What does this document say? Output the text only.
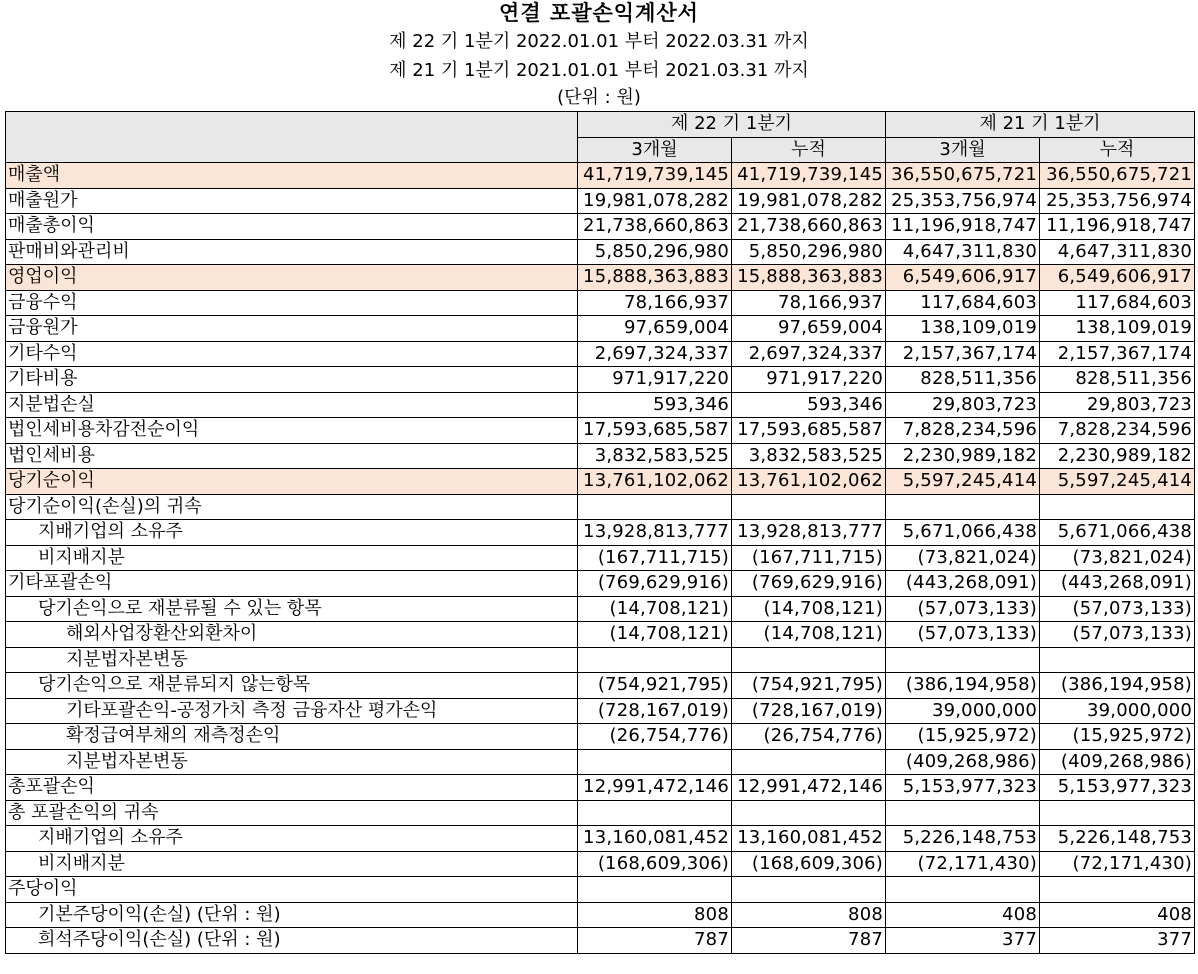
연결 포괄손익계산서
제 22 기 1분기 2022.01.01 부터 2022.03.31 까지
제 21 기 1분기 2021.01.01 부터 2021.03.31 까지
(단위 : 원)
	제 22 기 1분기		제 21 기 1분기	
	3개월	누적	3개월	누적
매출액	41,719,739,145	41,719,739,145	36,550,675,721	36,550,675,721
매출원가	19,981,078,282	19,981,078,282	25,353,756,974	25,353,756,974
매출총이익	21,738,660,863	21,738,660,863	11,196,918,747	11,196,918,747
판매비와관리비	5,850,296,980	5,850,296,980	4,647,311,830	4,647,311,830
영업이익	15,888,363,883	15,888,363,883	6,549,606,917	6,549,606,917
금융수익	78,166,937	78,166,937	117,684,603	117,684,603
금융원가	97,659,004	97,659,004	138,109,019	138,109,019
기타수익	2,697,324,337	2,697,324,337	2,157,367,174	2,157,367,174
기타비용	971,917,220	971,917,220	828,511,356	828,511,356
지분법손실	593,346	593,346	29,803,723	29,803,723
법인세비용차감전순이익	17,593,685,587	17,593,685,587	7,828,234,596	7,828,234,596
법인세비용	3,832,583,525	3,832,583,525	2,230,989,182	2,230,989,182
당기순이익	13,761,102,062	13,761,102,062	5,597,245,414	5,597,245,414
당기순이익(손실)의 귀속				
지배기업의 소유주	13,928,813,777	13,928,813,777	5,671,066,438	5,671,066,438
비지배지분	(167,711,715)	(167,711,715)	(73,821,024)	(73,821,024)
기타포괄손익	(769,629,916)	(769,629,916)	(443,268,091)	(443,268,091)
당기손익으로 재분류될 수 있는 항목	(14,708,121)	(14,708,121)	(57,073,133)	(57,073,133)
해외사업장환산외환차이	(14,708,121)	(14,708,121)	(57,073,133)	(57,073,133)
지분법자본변동				
당기손익으로 재분류되지 않는항목	(754,921,795)	(754,921,795)	(386,194,958)	(386,194,958)
기타포괄손익-공정가치 측정 금융자산 평가손익	(728,167,019)	(728,167,019)	39,000,000	39,000,000
확정급여부채의 재측정손익	(26,754,776)	(26,754,776)	(15,925,972)	(15,925,972)
지분법자본변동			(409,268,986)	(409,268,986)
총포괄손익	12,991,472,146	12,991,472,146	5,153,977,323	5,153,977,323
총 포괄손익의 귀속				
지배기업의 소유주	13,160,081,452	13,160,081,452	5,226,148,753	5,226,148,753
비지배지분	(168,609,306)	(168,609,306)	(72,171,430)	(72,171,430)
주당이익				
기본주당이익(손실) (단위 : 원)	808	808	408	408
희석주당이익(손실) (단위 : 원)	787	787	377	377
